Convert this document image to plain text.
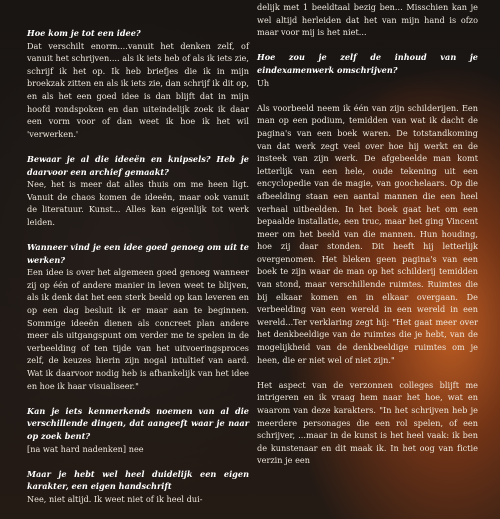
Hoe kom je tot een idee?

Dat verschilt enorm....vanuit het denken zelf, of vanuit het schrijven.... als ik iets heb of als ik iets zie, schrijf ik het op. Ik heb briefjes die ik in mijn broekzak zitten en als ik iets zie, dan schrijf ik dit op, en als het een goed idee is dan blijft dat in mijn hoofd rondspoken en dan uiteindelijk zoek ik daar een vorm voor of dan weet ik hoe ik het wil 'verwerken.'

Bewaar je al die ideeën en knipsels? Heb je daarvoor een archief gemaakt?

Nee, het is meer dat alles thuis om me heen ligt. Vanuit de chaos komen de ideeën, maar ook vanuit de literatuur. Kunst... Alles kan eigenlijk tot werk leiden.

Wanneer vind je een idee goed genoeg om uit te werken?

Een idee is over het algemeen goed genoeg wanneer zij op één of andere manier in leven weet te blijven, als ik denk dat het een sterk beeld op kan leveren en op een dag besluit ik er maar aan te beginnen. Sommige ideeën dienen als concreet plan andere meer als uitgangspunt om verder me te spelen in de verbeelding of ten tijde van het uitvoeringsproces zelf, de keuzes hierin zijn nogal intuïtief van aard. Wat ik daarvoor nodig heb is afhankelijk van het idee en hoe ik haar visualiseer."

Kan je iets kenmerkends noemen van al die verschillende dingen, dat aangeeft waar je naar op zoek bent?

[na wat hard nadenken] nee

Maar je hebt wel heel duidelijk een eigen karakter, een eigen handschrift

Nee, niet altijd. Ik weet niet of ik heel dui-

delijk met 1 beeldtaal bezig ben... Misschien kan je wel altijd herleiden dat het van mijn hand is ofzo maar voor mij is het niet...

Hoe zou je zelf de inhoud van je eindexamenwerk omschrijven?

Uh

Als voorbeeld neem ik één van zijn schilderijen. Een man op een podium, temidden van wat ik dacht de pagina's van een boek waren. De totstandkoming van dat werk zegt veel over hoe hij werkt en de insteek van zijn werk. De afgebeelde man komt letterlijk van een hele, oude tekening uit een encyclopedie van de magie, van goochelaars. Op die afbeelding staan een aantal mannen die een heel verhaal uitbeelden. In het boek gaat het om een bepaalde installatie, een truc, maar het ging Vincent meer om het beeld van die mannen. Hun houding, hoe zij daar stonden. Dit heeft hij letterlijk overgenomen. Het bleken geen pagina's van een boek te zijn waar de man op het schilderij temidden van stond, maar verschillende ruimtes. Ruimtes die bij elkaar komen en in elkaar overgaan. De verbeelding van een wereld in een wereld in een wereld...Ter verklaring zegt hij: "Het gaat meer over het denkbeeldige van de ruimtes die je hebt, van de mogelijkheid van de denkbeeldige ruimtes om je heen, die er niet wel of niet zijn."

Het aspect van de verzonnen colleges blijft me intrigeren en ik vraag hem naar het hoe, wat en waarom van deze karakters. "In het schrijven heb je meerdere personages die een rol spelen, of een schrijver, ...maar in de kunst is het heel vaak: ik ben de kunstenaar en dit maak ik. In het oog van fictie verzin je een
